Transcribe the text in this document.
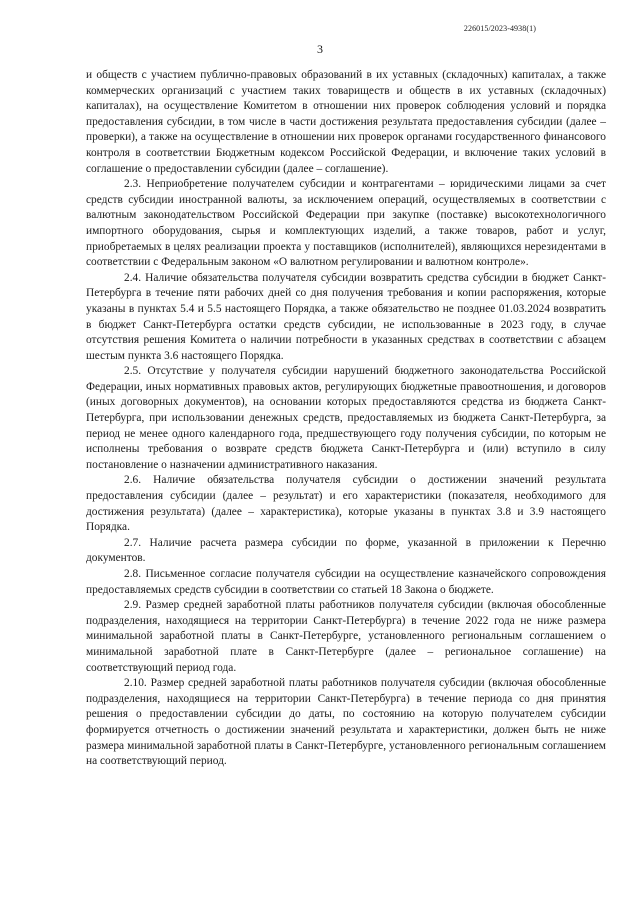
226015/2023-4938(1)
3

и обществ с участием публично-правовых образований в их уставных (складочных) капиталах, а также коммерческих организаций с участием таких товариществ и обществ в их уставных (складочных) капиталах), на осуществление Комитетом в отношении них проверок соблюдения условий и порядка предоставления субсидии, в том числе в части достижения результата предоставления субсидии (далее – проверки), а также на осуществление в отношении них проверок органами государственного финансового контроля в соответствии Бюджетным кодексом Российской Федерации, и включение таких условий в соглашение о предоставлении субсидии (далее – соглашение).

2.3. Неприобретение получателем субсидии и контрагентами – юридическими лицами за счет средств субсидии иностранной валюты, за исключением операций, осуществляемых в соответствии с валютным законодательством Российской Федерации при закупке (поставке) высокотехнологичного импортного оборудования, сырья и комплектующих изделий, а также товаров, работ и услуг, приобретаемых в целях реализации проекта у поставщиков (исполнителей), являющихся нерезидентами в соответствии с Федеральным законом «О валютном регулировании и валютном контроле».

2.4. Наличие обязательства получателя субсидии возвратить средства субсидии в бюджет Санкт-Петербурга в течение пяти рабочих дней со дня получения требования и копии распоряжения, которые указаны в пунктах 5.4 и 5.5 настоящего Порядка, а также обязательство не позднее 01.03.2024 возвратить в бюджет Санкт-Петербурга остатки средств субсидии, не использованные в 2023 году, в случае отсутствия решения Комитета о наличии потребности в указанных средствах в соответствии с абзацем шестым пункта 3.6 настоящего Порядка.

2.5. Отсутствие у получателя субсидии нарушений бюджетного законодательства Российской Федерации, иных нормативных правовых актов, регулирующих бюджетные правоотношения, и договоров (иных договорных документов), на основании которых предоставляются средства из бюджета Санкт-Петербурга, при использовании денежных средств, предоставляемых из бюджета Санкт-Петербурга, за период не менее одного календарного года, предшествующего году получения субсидии, по которым не исполнены требования о возврате средств бюджета Санкт-Петербурга и (или) вступило в силу постановление о назначении административного наказания.

2.6. Наличие обязательства получателя субсидии о достижении значений результата предоставления субсидии (далее – результат) и его характеристики (показателя, необходимого для достижения результата) (далее – характеристика), которые указаны в пунктах 3.8 и 3.9 настоящего Порядка.

2.7. Наличие расчета размера субсидии по форме, указанной в приложении к Перечню документов.

2.8. Письменное согласие получателя субсидии на осуществление казначейского сопровождения предоставляемых средств субсидии в соответствии со статьей 18 Закона о бюджете.

2.9. Размер средней заработной платы работников получателя субсидии (включая обособленные подразделения, находящиеся на территории Санкт-Петербурга) в течение 2022 года не ниже размера минимальной заработной платы в Санкт-Петербурге, установленного региональным соглашением о минимальной заработной плате в Санкт-Петербурге (далее – региональное соглашение) на соответствующий период года.

2.10. Размер средней заработной платы работников получателя субсидии (включая обособленные подразделения, находящиеся на территории Санкт-Петербурга) в течение периода со дня принятия решения о предоставлении субсидии до даты, по состоянию на которую получателем субсидии формируется отчетность о достижении значений результата и характеристики, должен быть не ниже размера минимальной заработной платы в Санкт-Петербурге, установленного региональным соглашением на соответствующий период.
